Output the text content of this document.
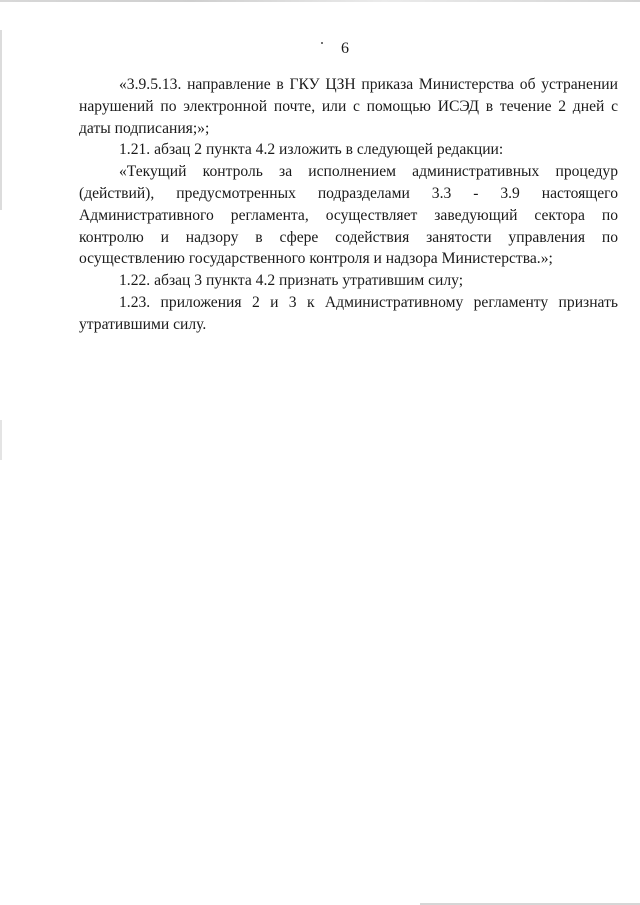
6

«3.9.5.13. направление в ГКУ ЦЗН приказа Министерства об устранении нарушений по электронной почте, или с помощью ИСЭД в течение 2 дней с даты подписания;»;

1.21. абзац 2 пункта 4.2 изложить в следующей редакции:

«Текущий контроль за исполнением административных процедур (действий), предусмотренных подразделами 3.3 - 3.9 настоящего Административного регламента, осуществляет заведующий сектора по контролю и надзору в сфере содействия занятости управления по осуществлению государственного контроля и надзора Министерства.»;

1.22. абзац 3 пункта 4.2 признать утратившим силу;

1.23. приложения 2 и 3 к Административному регламенту признать утратившими силу.
